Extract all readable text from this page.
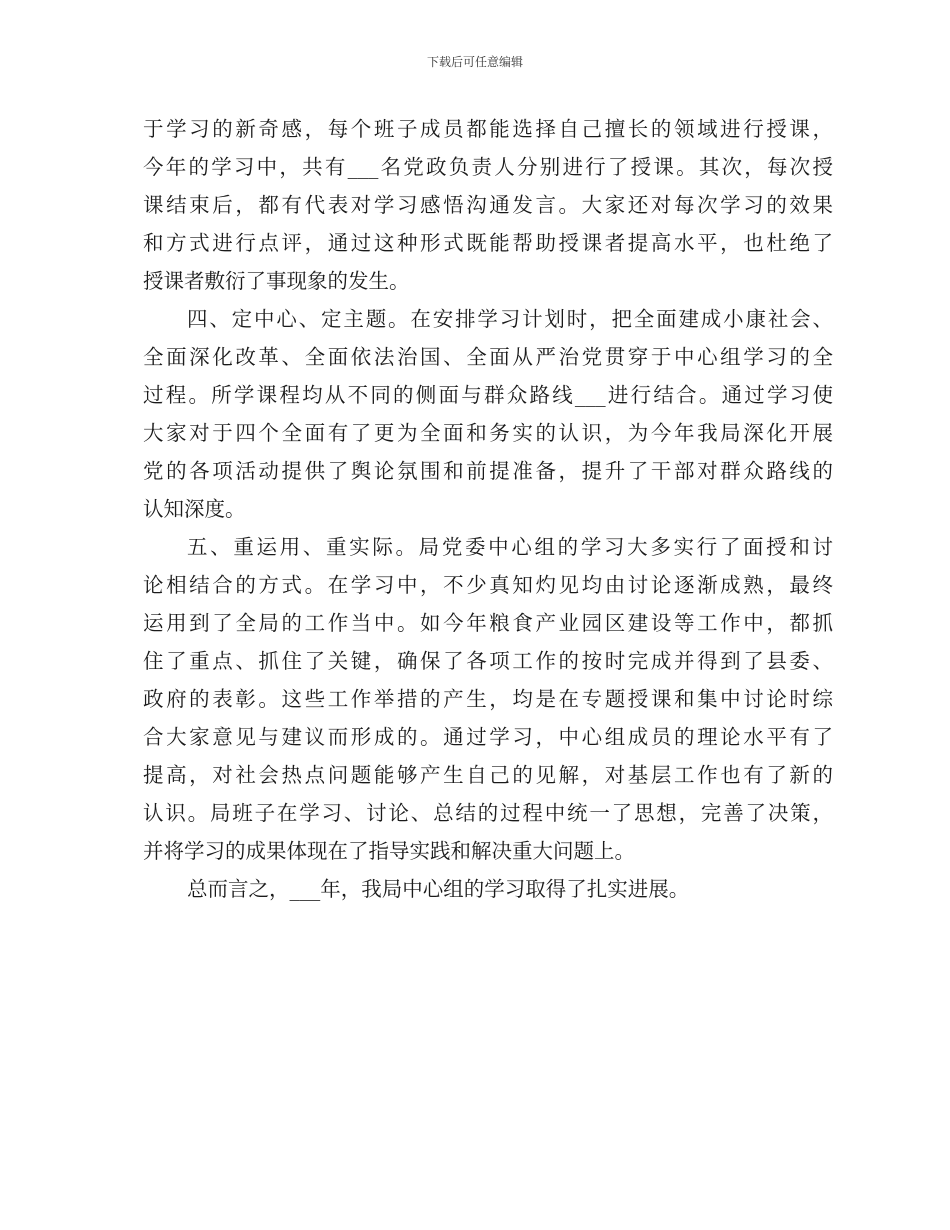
下载后可任意编辑
于学习的新奇感，每个班子成员都能选择自己擅长的领域进行授课，
今年的学习中，共有___名党政负责人分别进行了授课。其次，每次授
课结束后，都有代表对学习感悟沟通发言。大家还对每次学习的效果
和方式进行点评，通过这种形式既能帮助授课者提高水平，也杜绝了
授课者敷衍了事现象的发生。
四、定中心、定主题。在安排学习计划时，把全面建成小康社会、
全面深化改革、全面依法治国、全面从严治党贯穿于中心组学习的全
过程。所学课程均从不同的侧面与群众路线___进行结合。通过学习使
大家对于四个全面有了更为全面和务实的认识，为今年我局深化开展
党的各项活动提供了舆论氛围和前提准备，提升了干部对群众路线的
认知深度。
五、重运用、重实际。局党委中心组的学习大多实行了面授和讨
论相结合的方式。在学习中，不少真知灼见均由讨论逐渐成熟，最终
运用到了全局的工作当中。如今年粮食产业园区建设等工作中，都抓
住了重点、抓住了关键，确保了各项工作的按时完成并得到了县委、
政府的表彰。这些工作举措的产生，均是在专题授课和集中讨论时综
合大家意见与建议而形成的。通过学习，中心组成员的理论水平有了
提高，对社会热点问题能够产生自己的见解，对基层工作也有了新的
认识。局班子在学习、讨论、总结的过程中统一了思想，完善了决策，
并将学习的成果体现在了指导实践和解决重大问题上。
总而言之，___年，我局中心组的学习取得了扎实进展。
